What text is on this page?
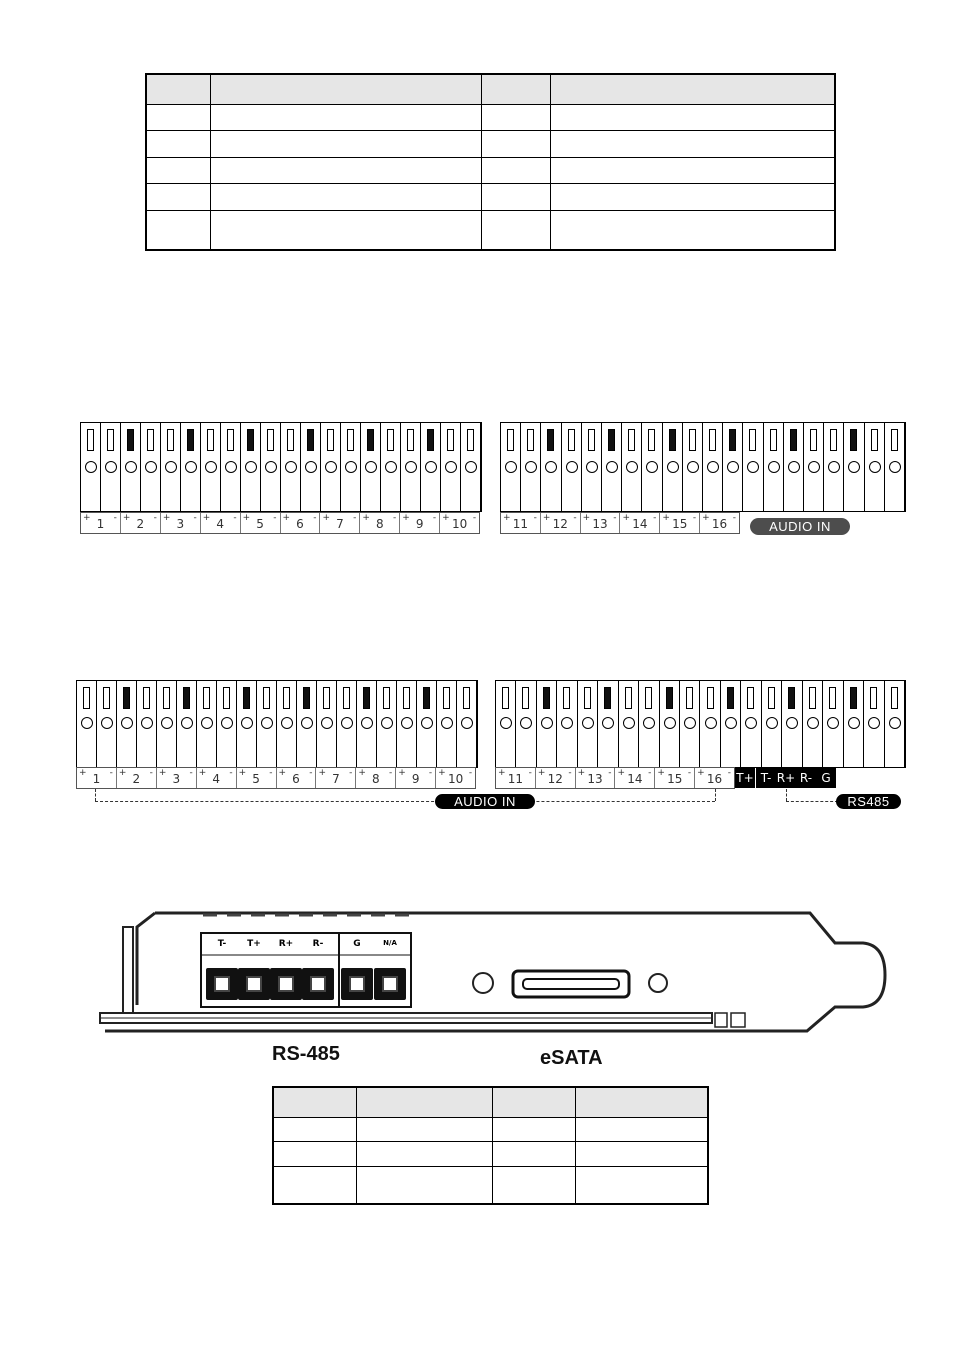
+ 1 - + 2 - + 3 - + 4 - + 5 - + 6 - + 7 - + 8 - + 9 - + 10 -	+ 11 - + 12 - + 13 - + 14 - + 15 - + 16 -
AUDIO IN
+ 1 - + 2 - + 3 - + 4 - + 5 - + 6 - + 7 - + 8 - + 9 - + 10 -	+ 11 - + 12 - + 13 - + 14 - + 15 - + 16 - T+ T- R+ R- G
AUDIO IN	RS485
T-	T+	R+	R-	G	N/A
RS-485	eSATA
